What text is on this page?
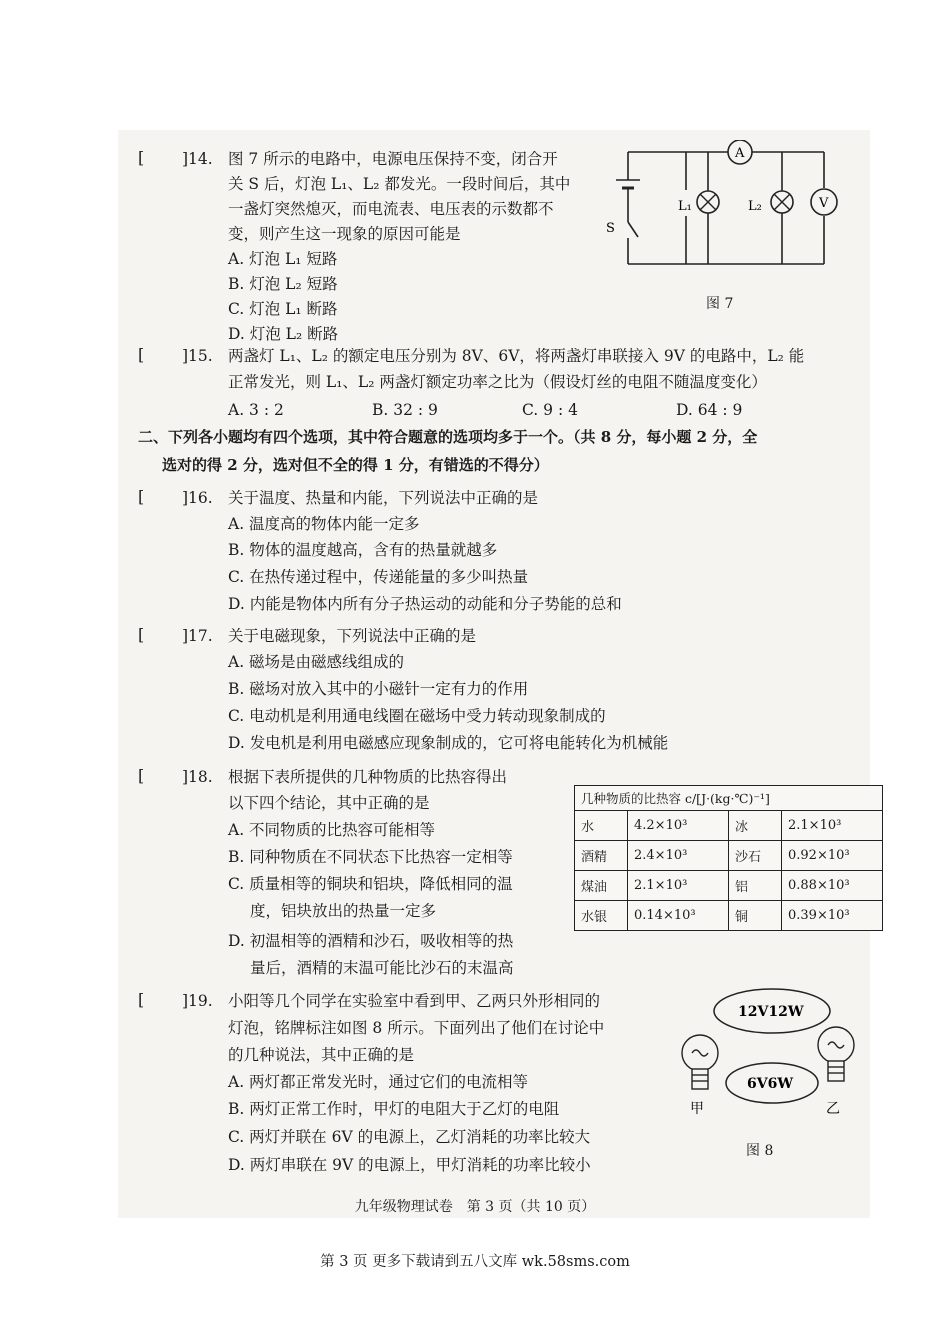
[ ]14. 图 7 所示的电路中，电源电压保持不变，闭合开
关 S 后，灯泡 L₁、L₂ 都发光。一段时间后，其中
一盏灯突然熄灭，而电流表、电压表的示数都不
变，则产生这一现象的原因可能是
A. 灯泡 L₁ 短路
B. 灯泡 L₂ 短路
C. 灯泡 L₁ 断路
D. 灯泡 L₂ 断路
A
V
L₁	L₂
S
图 7
[ ]15. 两盏灯 L₁、L₂ 的额定电压分别为 8V、6V，将两盏灯串联接入 9V 的电路中，L₂ 能
正常发光，则 L₁、L₂ 两盏灯额定功率之比为（假设灯丝的电阻不随温度变化）
A. 3 : 2	B. 32 : 9	C. 9 : 4	D. 64 : 9
二、下列各小题均有四个选项，其中符合题意的选项均多于一个。（共 8 分，每小题 2 分，全
选对的得 2 分，选对但不全的得 1 分，有错选的不得分）
[ ]16. 关于温度、热量和内能，下列说法中正确的是
A. 温度高的物体内能一定多
B. 物体的温度越高，含有的热量就越多
C. 在热传递过程中，传递能量的多少叫热量
D. 内能是物体内所有分子热运动的动能和分子势能的总和
[ ]17. 关于电磁现象，下列说法中正确的是
A. 磁场是由磁感线组成的
B. 磁场对放入其中的小磁针一定有力的作用
C. 电动机是利用通电线圈在磁场中受力转动现象制成的
D. 发电机是利用电磁感应现象制成的，它可将电能转化为机械能
[ ]18. 根据下表所提供的几种物质的比热容得出
以下四个结论，其中正确的是
A. 不同物质的比热容可能相等
B. 同种物质在不同状态下比热容一定相等
C. 质量相等的铜块和铝块，降低相同的温
度，铝块放出的热量一定多
D. 初温相等的酒精和沙石，吸收相等的热
量后，酒精的末温可能比沙石的末温高
几种物质的比热容 c/[J·(kg·℃)⁻¹]			
水	4.2×10³	冰	2.1×10³
酒精	2.4×10³	沙石	0.92×10³
煤油	2.1×10³	铝	0.88×10³
水银	0.14×10³	铜	0.39×10³
[ ]19. 小阳等几个同学在实验室中看到甲、乙两只外形相同的
灯泡，铭牌标注如图 8 所示。下面列出了他们在讨论中
的几种说法，其中正确的是
A. 两灯都正常发光时，通过它们的电流相等
B. 两灯正常工作时，甲灯的电阻大于乙灯的电阻
C. 两灯并联在 6V 的电源上，乙灯消耗的功率比较大
D. 两灯串联在 9V 的电源上，甲灯消耗的功率比较小
12V12W
6V6W
甲	乙
图 8
九年级物理试卷　第 3 页（共 10 页）
第 3 页 更多下载请到五八文库 wk.58sms.com
